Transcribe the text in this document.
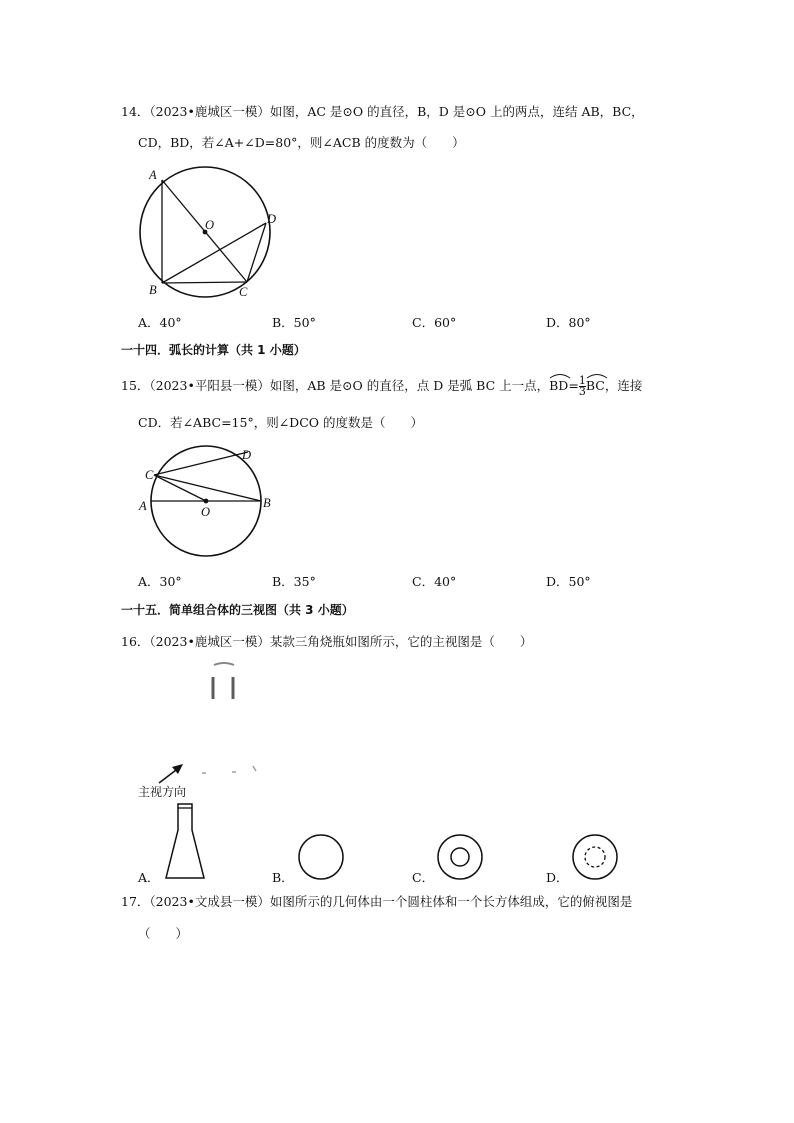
14．（2023•鹿城区一模）如图，AC 是⊙O 的直径，B，D 是⊙O 上的两点，连结 AB，BC，
CD，BD，若∠A+∠D=80°，则∠ACB 的度数为（　　）
A
O	D
B	C
A．40°	B．50°	C．60°	D．80°
一十四．弧长的计算（共 1 小题）
15．（2023•平阳县一模）如图，AB 是⊙O 的直径，点 D 是弧 BC 上一点，
$BD= \frac{1}{3}$ BC，连接
CD．若∠ABC=15°，则∠DCO 的度数是（　　）
C
D
A	O
B
A．30°	B．35°	C．40°	D．50°
一十五．简单组合体的三视图（共 3 小题）
16．（2023•鹿城区一模）某款三角烧瓶如图所示，它的主视图是（　　）
主视方向
A．	B．	C．	D．
17．（2023•文成县一模）如图所示的几何体由一个圆柱体和一个长方体组成，它的俯视图是
（　　）
